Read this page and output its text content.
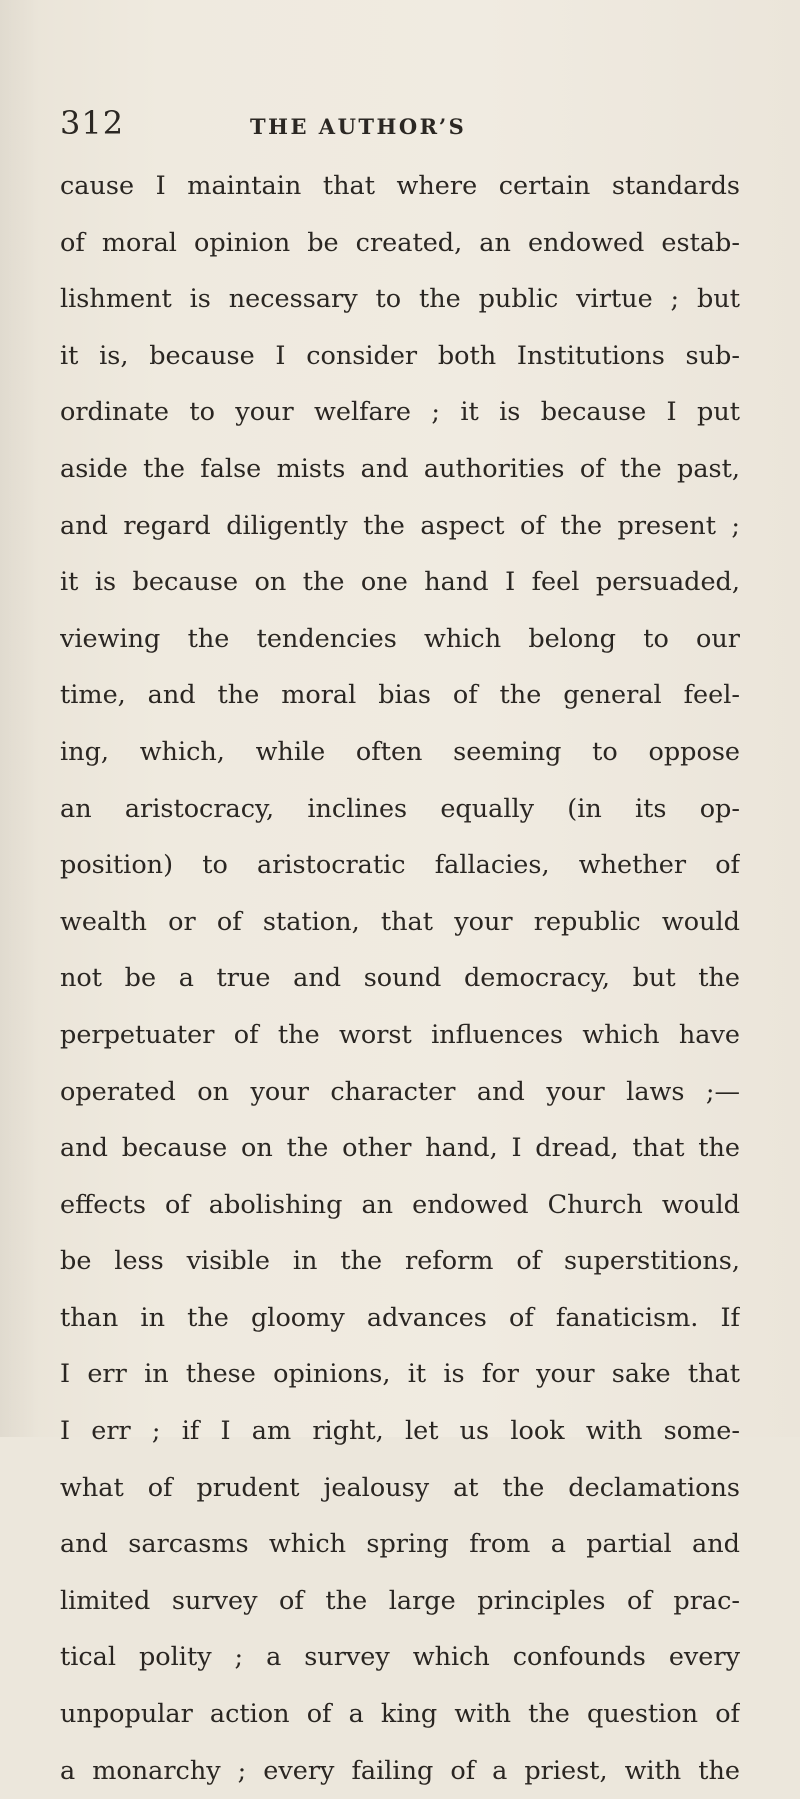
312	THE AUTHOR’S
cause I maintain that where certain standards
of moral opinion be created, an endowed estab-
lishment is necessary to the public virtue ; but
it is, because I consider both Institutions sub-
ordinate to your welfare ; it is because I put
aside the false mists and authorities of the past,
and regard diligently the aspect of the present ;
it is because on the one hand I feel persuaded,
viewing the tendencies which belong to our
time, and the moral bias of the general feel-
ing, which, while often seeming to oppose
an aristocracy, inclines equally (in its op-
position) to aristocratic fallacies, whether of
wealth or of station, that your republic would
not be a true and sound democracy, but the
perpetuater of the worst influences which have
operated on your character and your laws ;—
and because on the other hand, I dread, that the
effects of abolishing an endowed Church would
be less visible in the reform of superstitions,
than in the gloomy advances of fanaticism. If
I err in these opinions, it is for your sake that
I err ; if I am right, let us look with some-
what of prudent jealousy at the declamations
and sarcasms which spring from a partial and
limited survey of the large principles of prac-
tical polity ; a survey which confounds every
unpopular action of a king with the question of
a monarchy ; every failing of a priest, with the
